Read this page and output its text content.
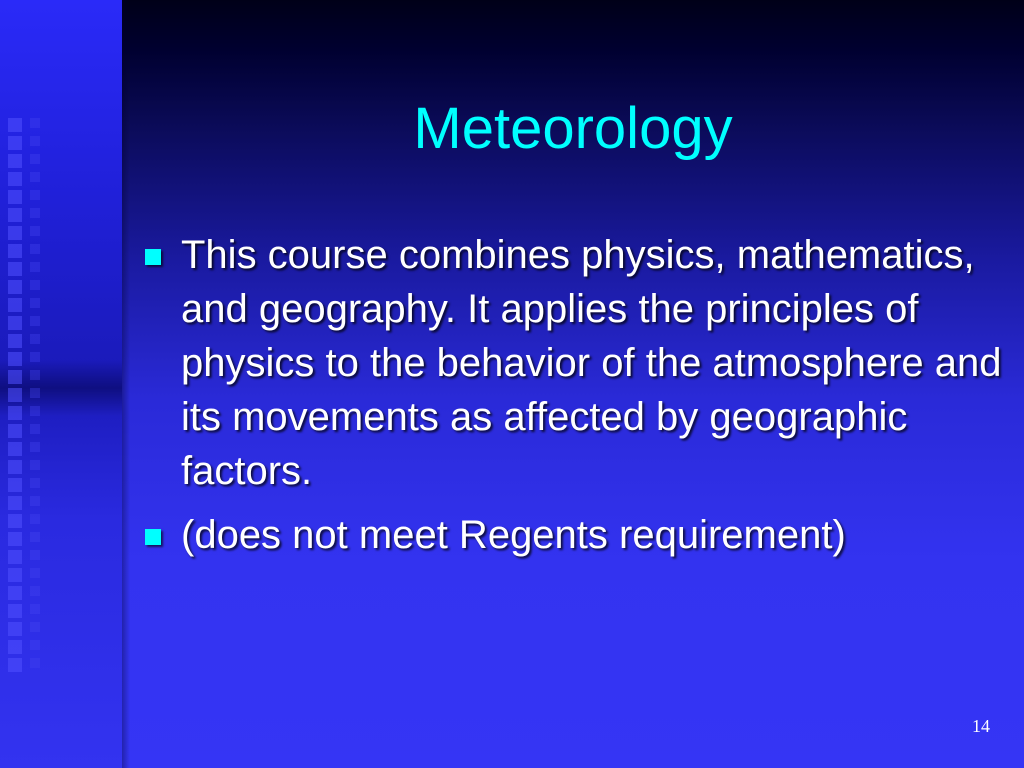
Meteorology
This course combines physics, mathematics, and geography. It applies the principles of physics to the behavior of the atmosphere and its movements as affected by geographic factors.
(does not meet Regents requirement)
14
